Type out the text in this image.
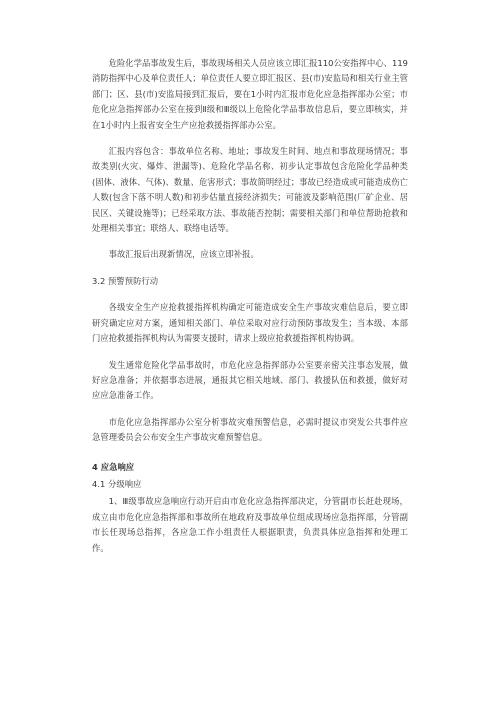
危险化学品事故发生后，事故现场相关人员应该立即汇报110公安指挥中心、119消防指挥中心及单位责任人；单位责任人要立即汇报区、县(市)安监局和相关行业主管部门；区、县(市)安监局接到汇报后，要在1小时内汇报市危化应急指挥部办公室；市危化应急指挥部办公室在接到Ⅱ级和Ⅲ级以上危险化学品事故信息后，要立即核实，并在1小时内上报省安全生产应抢救援指挥部办公室。

汇报内容包含：事故单位名称、地址；事故发生时间、地点和事故现场情况；事故类别(火灾、爆炸、泄漏等)、危险化学品名称、初步认定事故包含危险化学品种类(固体、液体、气体)、数量、危害形式；事故简明经过；事故已经造成或可能造成伤亡人数(包含下落不明人数)和初步估量直接经济损失；可能波及影响范围(厂矿企业、居民区、关键设施等)；已经采取方法、事故能否控制；需要相关部门和单位帮助抢救和处理相关事宜；联络人、联络电话等。

事故汇报后出现新情况，应该立即补报。

3.2 预警预防行动

各级安全生产应抢救援指挥机构确定可能造成安全生产事故灾难信息后，要立即研究确定应对方案，通知相关部门、单位采取对应行动预防事故发生；当本级、本部门应抢救援指挥机构认为需要支援时，请求上级应抢救援指挥机构协调。

发生通常危险化学品事故时，市危化应急指挥部办公室要亲密关注事态发展，做好应急准备；并依据事态进展，通报其它相关地域、部门、救援队伍和救援，做好对应应急准备工作。

市危化应急指挥部办公室分析事故灾难预警信息，必需时提议市突发公共事件应急管理委员会公布安全生产事故灾难预警信息。

4 应急响应

4.1 分级响应

1、Ⅲ级事故应急响应行动开启由市危化应急指挥部决定，分管副市长赶赴现场，成立由市危化应急指挥部和事故所在地政府及事故单位组成现场应急指挥部，分管副市长任现场总指挥，各应急工作小组责任人根据职责，负责具体应急指挥和处理工作。
